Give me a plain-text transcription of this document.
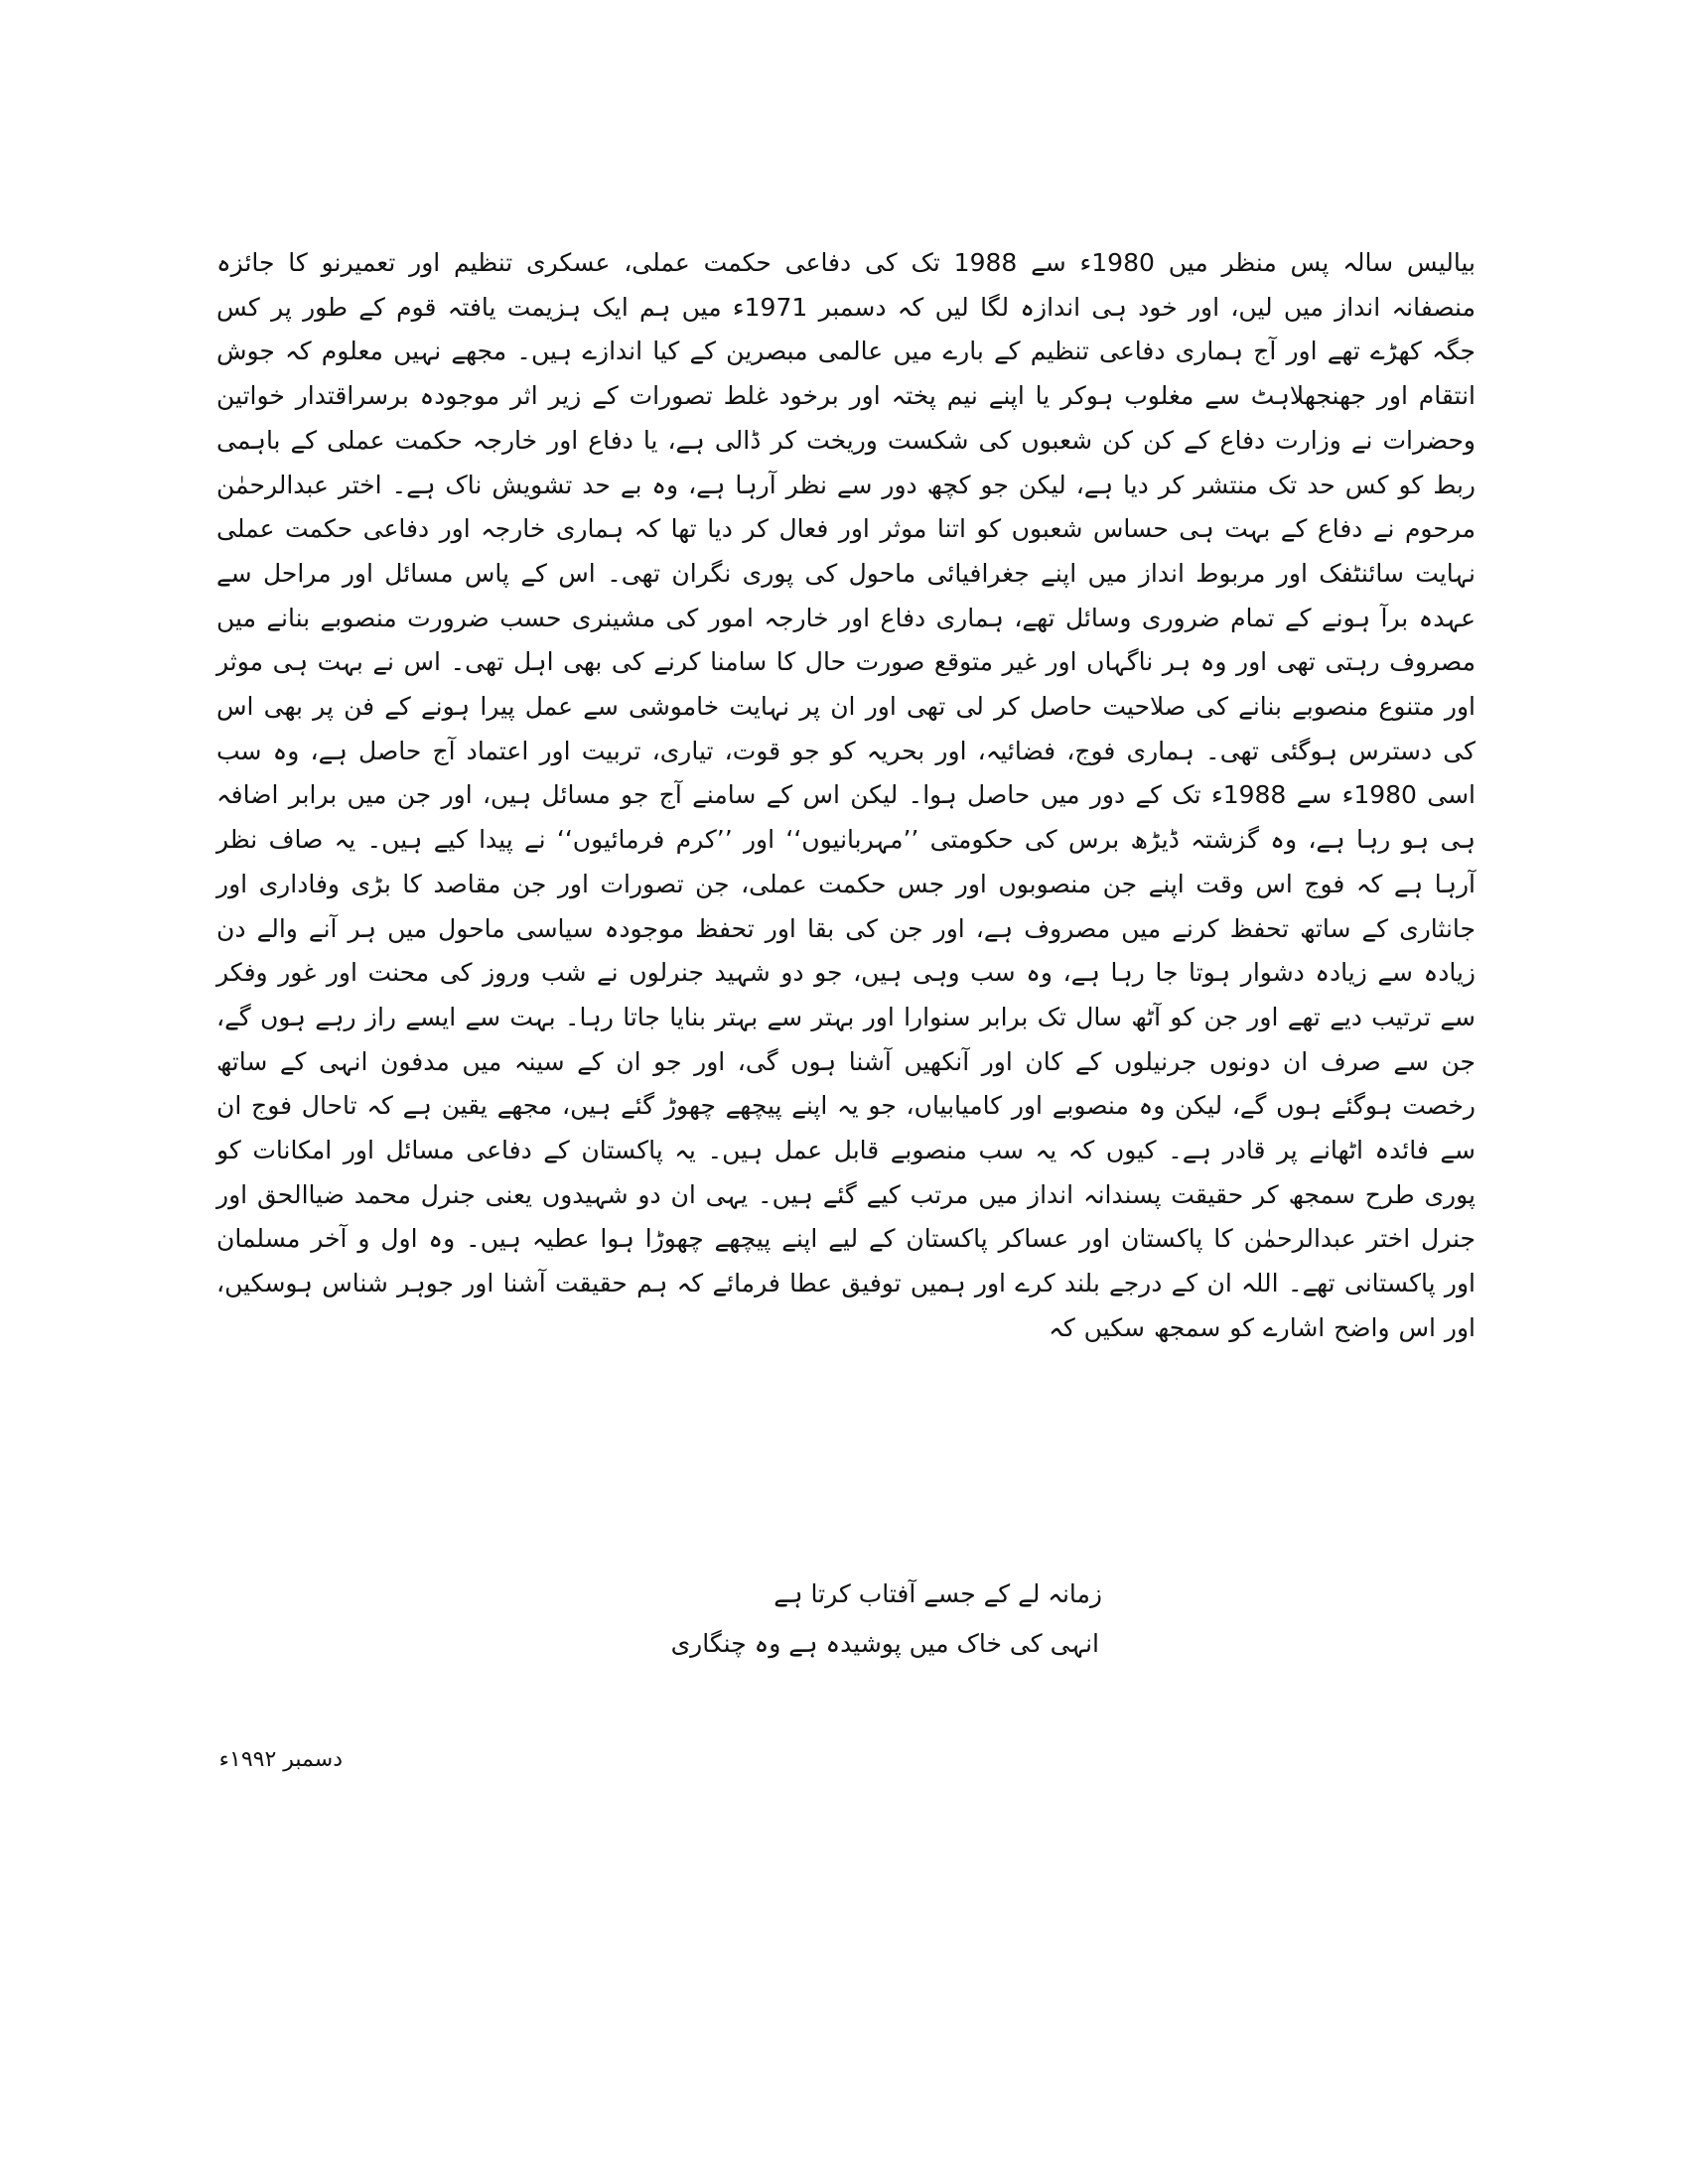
بیالیس سالہ پس منظر میں 1980ء سے 1988 تک کی دفاعی حکمت عملی، عسکری تنظیم اور تعمیرنو کا جائزہ منصفانہ انداز میں لیں، اور خود ہی اندازہ لگا لیں کہ دسمبر 1971ء میں ہم ایک ہزیمت یافتہ قوم کے طور پر کس جگہ کھڑے تھے اور آج ہماری دفاعی تنظیم کے بارے میں عالمی مبصرین کے کیا اندازے ہیں۔ مجھے نہیں معلوم کہ جوش انتقام اور جھنجھلاہٹ سے مغلوب ہوکر یا اپنے نیم پختہ اور برخود غلط تصورات کے زیر اثر موجودہ برسراقتدار خواتین وحضرات نے وزارت دفاع کے کن کن شعبوں کی شکست وریخت کر ڈالی ہے، یا دفاع اور خارجہ حکمت عملی کے باہمی ربط کو کس حد تک منتشر کر دیا ہے، لیکن جو کچھ دور سے نظر آرہا ہے، وہ بے حد تشویش ناک ہے۔ اختر عبدالرحمٰن مرحوم نے دفاع کے بہت ہی حساس شعبوں کو اتنا موثر اور فعال کر دیا تھا کہ ہماری خارجہ اور دفاعی حکمت عملی نہایت سائنٹفک اور مربوط انداز میں اپنے جغرافیائی ماحول کی پوری نگران تھی۔ اس کے پاس مسائل اور مراحل سے عہدہ برآ ہونے کے تمام ضروری وسائل تھے، ہماری دفاع اور خارجہ امور کی مشینری حسب ضرورت منصوبے بنانے میں مصروف رہتی تھی اور وہ ہر ناگہاں اور غیر متوقع صورت حال کا سامنا کرنے کی بھی اہل تھی۔ اس نے بہت ہی موثر اور متنوع منصوبے بنانے کی صلاحیت حاصل کر لی تھی اور ان پر نہایت خاموشی سے عمل پیرا ہونے کے فن پر بھی اس کی دسترس ہوگئی تھی۔ ہماری فوج، فضائیہ، اور بحریہ کو جو قوت، تیاری، تربیت اور اعتماد آج حاصل ہے، وہ سب اسی 1980ء سے 1988ء تک کے دور میں حاصل ہوا۔ لیکن اس کے سامنے آج جو مسائل ہیں، اور جن میں برابر اضافہ ہی ہو رہا ہے، وہ گزشتہ ڈیڑھ برس کی حکومتی ’’مہربانیوں‘‘ اور ’’کرم فرمائیوں‘‘ نے پیدا کیے ہیں۔ یہ صاف نظر آرہا ہے کہ فوج اس وقت اپنے جن منصوبوں اور جس حکمت عملی، جن تصورات اور جن مقاصد کا بڑی وفاداری اور جانثاری کے ساتھ تحفظ کرنے میں مصروف ہے، اور جن کی بقا اور تحفظ موجودہ سیاسی ماحول میں ہر آنے والے دن زیادہ سے زیادہ دشوار ہوتا جا رہا ہے، وہ سب وہی ہیں، جو دو شہید جنرلوں نے شب وروز کی محنت اور غور وفکر سے ترتیب دیے تھے اور جن کو آٹھ سال تک برابر سنوارا اور بہتر سے بہتر بنایا جاتا رہا۔ بہت سے ایسے راز رہے ہوں گے، جن سے صرف ان دونوں جرنیلوں کے کان اور آنکھیں آشنا ہوں گی، اور جو ان کے سینہ میں مدفون انہی کے ساتھ رخصت ہوگئے ہوں گے، لیکن وہ منصوبے اور کامیابیاں، جو یہ اپنے پیچھے چھوڑ گئے ہیں، مجھے یقین ہے کہ تاحال فوج ان سے فائدہ اٹھانے پر قادر ہے۔ کیوں کہ یہ سب منصوبے قابل عمل ہیں۔ یہ پاکستان کے دفاعی مسائل اور امکانات کو پوری طرح سمجھ کر حقیقت پسندانہ انداز میں مرتب کیے گئے ہیں۔ یہی ان دو شہیدوں یعنی جنرل محمد ضیاالحق اور جنرل اختر عبدالرحمٰن کا پاکستان اور عساکر پاکستان کے لیے اپنے پیچھے چھوڑا ہوا عطیہ ہیں۔ وہ اول و آخر مسلمان اور پاکستانی تھے۔ اللہ ان کے درجے بلند کرے اور ہمیں توفیق عطا فرمائے کہ ہم حقیقت آشنا اور جوہر شناس ہوسکیں، اور اس واضح اشارے کو سمجھ سکیں کہ

زمانہ لے کے جسے آفتاب کرتا ہے

انہی کی خاک میں پوشیدہ ہے وہ چنگاری

دسمبر ۱۹۹۲ء
